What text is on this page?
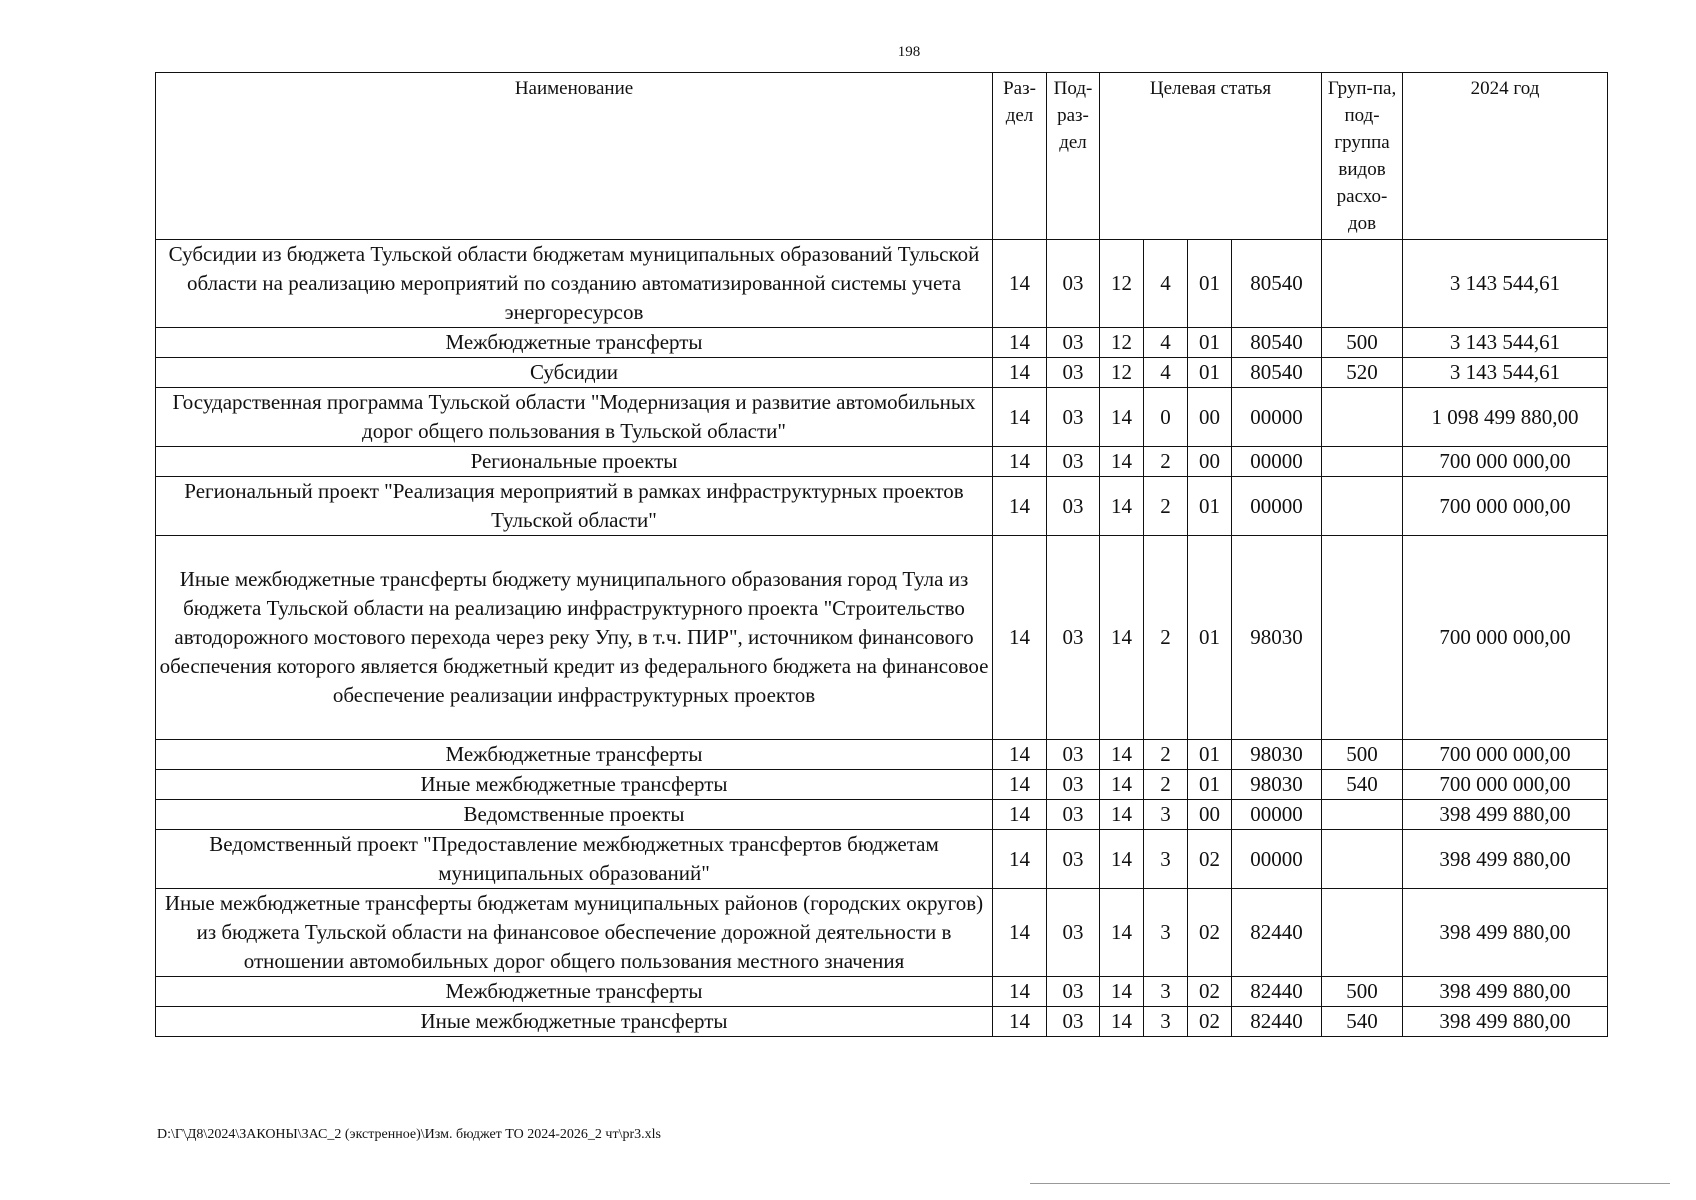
198
Наименование	Раз-дел	Под-раз-дел	Целевая статья				Груп-па, под-группа видов расхо-дов	2024 год
Субсидии из бюджета Тульской области бюджетам муниципальных образований Тульской области на реализацию мероприятий по созданию автоматизированной системы учета энергоресурсов	14	03	12	4	01	80540		3 143 544,61
Межбюджетные трансферты	14	03	12	4	01	80540	500	3 143 544,61
Субсидии	14	03	12	4	01	80540	520	3 143 544,61
Государственная программа Тульской области "Модернизация и развитие автомобильных дорог общего пользования в Тульской области"	14	03	14	0	00	00000		1 098 499 880,00
Региональные проекты	14	03	14	2	00	00000		700 000 000,00
Региональный проект "Реализация мероприятий в рамках инфраструктурных проектов Тульской области"	14	03	14	2	01	00000		700 000 000,00
Иные межбюджетные трансферты бюджету муниципального образования город Тула из бюджета Тульской области на реализацию инфраструктурного проекта "Строительство автодорожного мостового перехода через реку Упу, в т.ч. ПИР", источником финансового обеспечения которого является бюджетный кредит из федерального бюджета на финансовое обеспечение реализации инфраструктурных проектов	14	03	14	2	01	98030		700 000 000,00
Межбюджетные трансферты	14	03	14	2	01	98030	500	700 000 000,00
Иные межбюджетные трансферты	14	03	14	2	01	98030	540	700 000 000,00
Ведомственные проекты	14	03	14	3	00	00000		398 499 880,00
Ведомственный проект "Предоставление межбюджетных трансфертов бюджетам муниципальных образований"	14	03	14	3	02	00000		398 499 880,00
Иные межбюджетные трансферты бюджетам муниципальных районов (городских округов) из бюджета Тульской области на финансовое обеспечение дорожной деятельности в отношении автомобильных дорог общего пользования местного значения	14	03	14	3	02	82440		398 499 880,00
Межбюджетные трансферты	14	03	14	3	02	82440	500	398 499 880,00
Иные межбюджетные трансферты	14	03	14	3	02	82440	540	398 499 880,00
D:\Г\Д8\2024\ЗАКОНЫ\ЗАС_2 (экстренное)\Изм. бюджет ТО 2024-2026_2 чт\pr3.xls
